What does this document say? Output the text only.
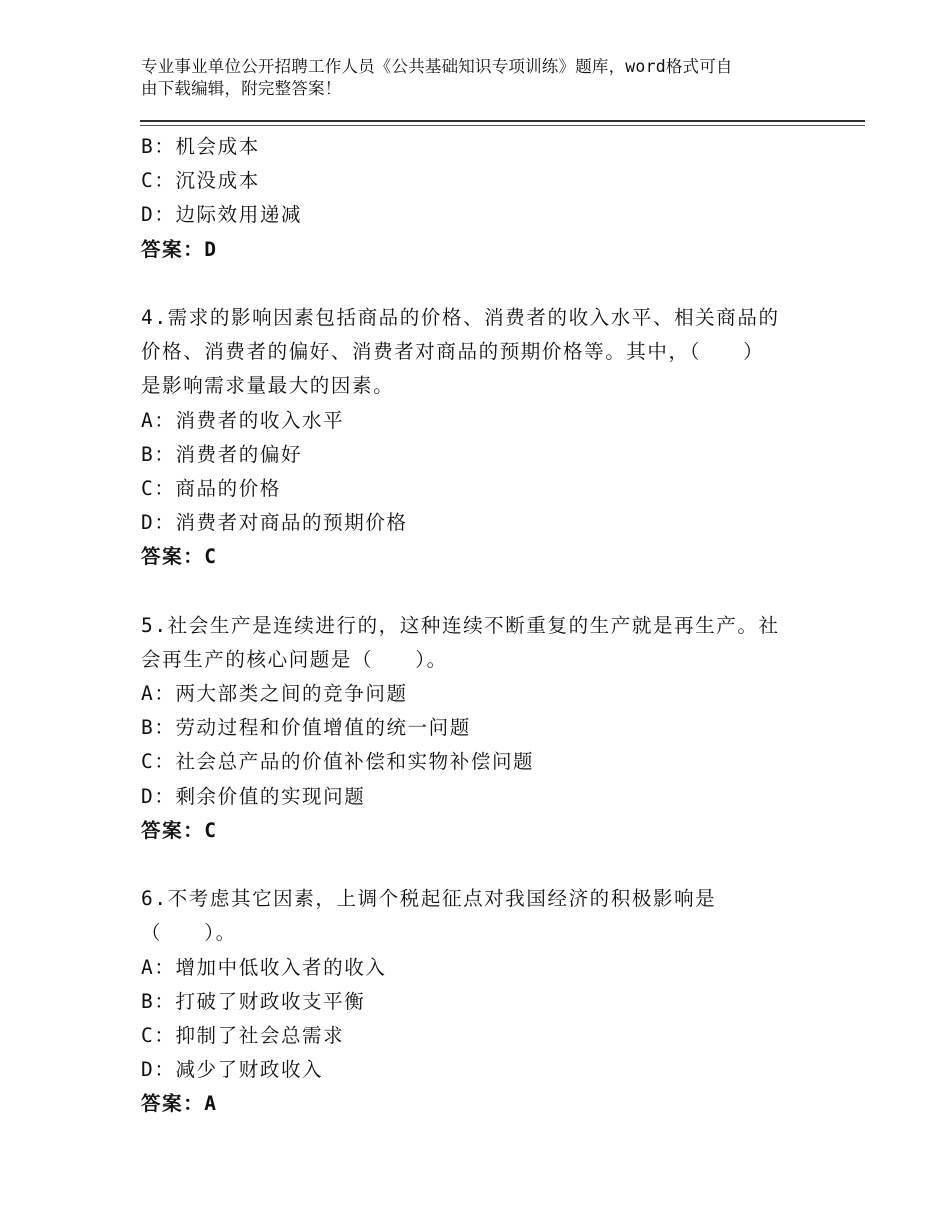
专业事业单位公开招聘工作人员《公共基础知识专项训练》题库，word格式可自
由下载编辑，附完整答案！
B：机会成本
C：沉没成本
D：边际效用递减
答案：D
4.需求的影响因素包括商品的价格、消费者的收入水平、相关商品的
价格、消费者的偏好、消费者对商品的预期价格等。其中，（　　）
是影响需求量最大的因素。
A：消费者的收入水平
B：消费者的偏好
C：商品的价格
D：消费者对商品的预期价格
答案：C
5.社会生产是连续进行的，这种连续不断重复的生产就是再生产。社
会再生产的核心问题是（　　）。
A：两大部类之间的竞争问题
B：劳动过程和价值增值的统一问题
C：社会总产品的价值补偿和实物补偿问题
D：剩余价值的实现问题
答案：C
6.不考虑其它因素，上调个税起征点对我国经济的积极影响是
（　　）。
A：增加中低收入者的收入
B：打破了财政收支平衡
C：抑制了社会总需求
D：减少了财政收入
答案：A
